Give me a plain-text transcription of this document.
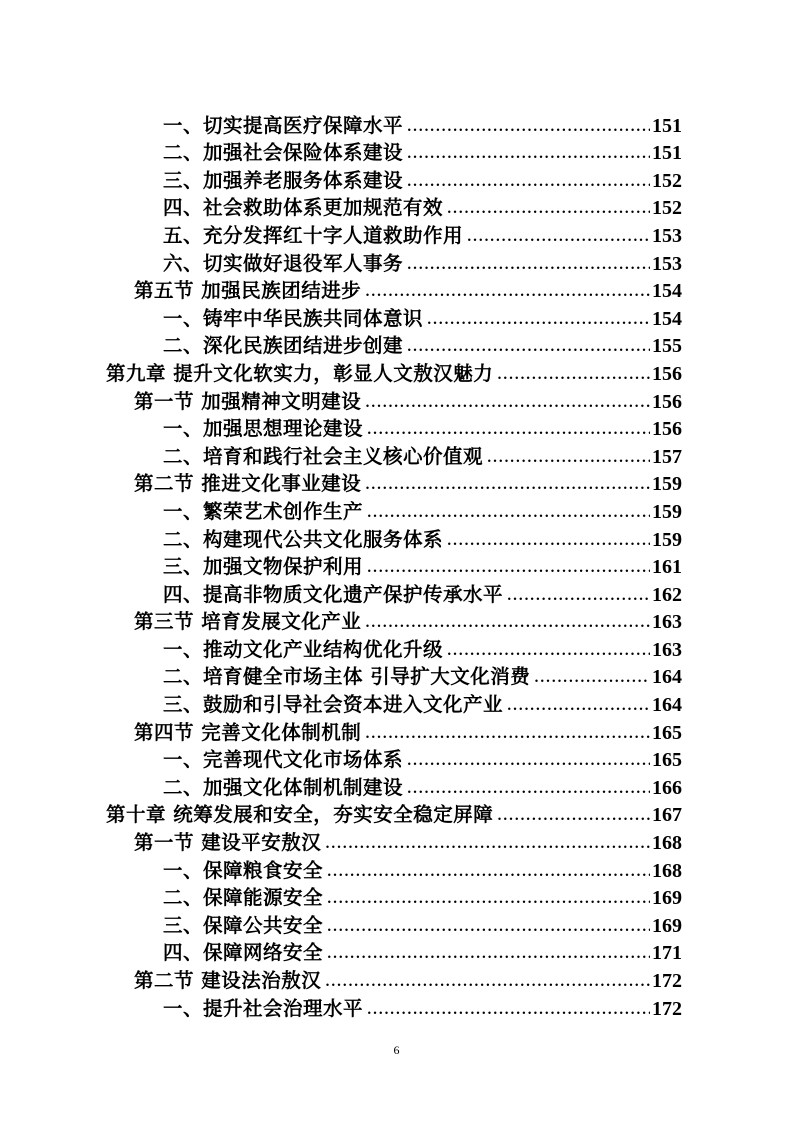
一、切实提高医疗保障水平 .....	151
二、加强社会保险体系建设 .....	151
三、加强养老服务体系建设 .....	152
四、社会救助体系更加规范有效 .....	152
五、充分发挥红十字人道救助作用 .....	153
六、切实做好退役军人事务 .....	153
第五节 加强民族团结进步 .....	154
一、铸牢中华民族共同体意识 .....	154
二、深化民族团结进步创建 .....	155
第九章 提升文化软实力，彰显人文敖汉魅力 .....	156
第一节 加强精神文明建设 .....	156
一、加强思想理论建设 .....	156
二、培育和践行社会主义核心价值观 .....	157
第二节 推进文化事业建设 .....	159
一、繁荣艺术创作生产 .....	159
二、构建现代公共文化服务体系 .....	159
三、加强文物保护利用 .....	161
四、提高非物质文化遗产保护传承水平 .....	162
第三节 培育发展文化产业 .....	163
一、推动文化产业结构优化升级 .....	163
二、培育健全市场主体 引导扩大文化消费 .....	164
三、鼓励和引导社会资本进入文化产业 .....	164
第四节 完善文化体制机制 .....	165
一、完善现代文化市场体系 .....	165
二、加强文化体制机制建设 .....	166
第十章 统筹发展和安全，夯实安全稳定屏障 .....	167
第一节 建设平安敖汉 .....	168
一、保障粮食安全 .....	168
二、保障能源安全 .....	169
三、保障公共安全 .....	169
四、保障网络安全 .....	171
第二节 建设法治敖汉 .....	172
一、提升社会治理水平 .....	172
6
